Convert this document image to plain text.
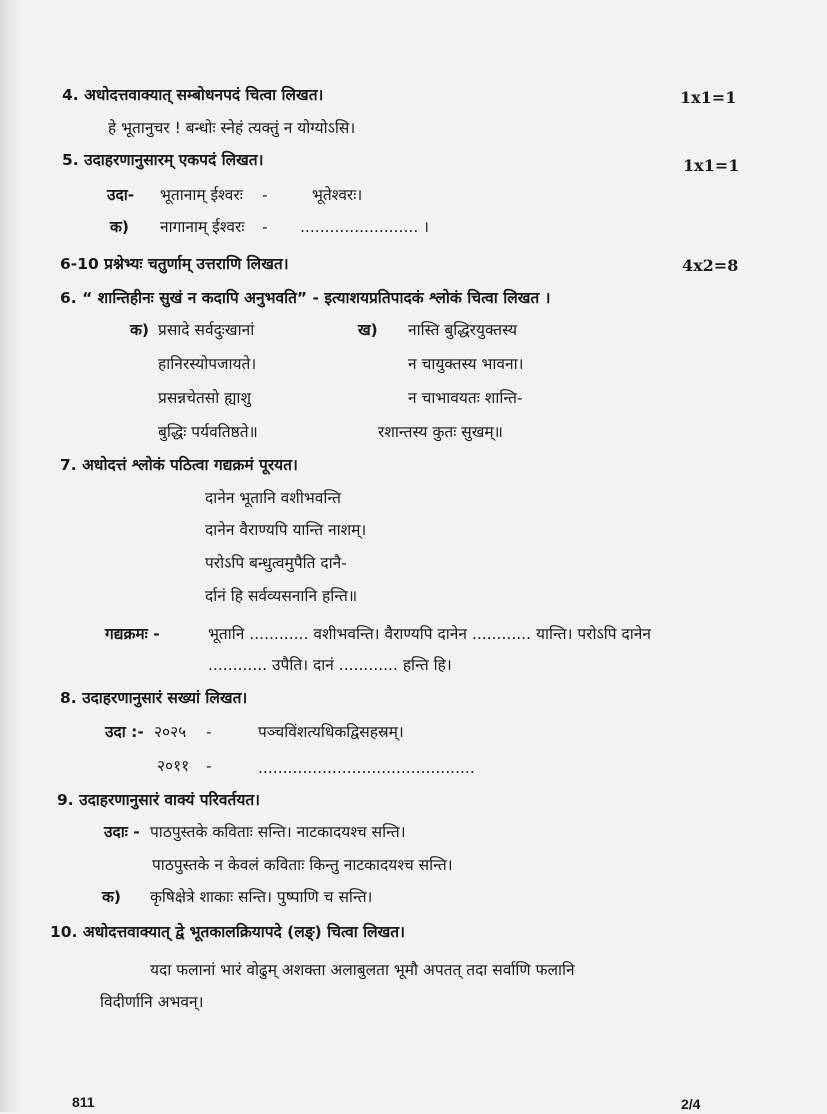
4. अधोदत्तवाक्यात् सम्बोधनपदं चित्वा लिखत।	1x1=1
हे भूतानुचर ! बन्धोः स्नेहं त्यक्तुं न योग्योऽसि।
5. उदाहरणानुसारम् एकपदं लिखत।	1x1=1
उदा- भूतानाम् ईश्वरः -	भूतेश्वरः।
क) नागानाम् ईश्वरः - ........................ ।
6-10 प्रश्नेभ्यः चतुर्णाम् उत्तराणि लिखत।	4x2=8
6. “ शान्तिहीनः सुखं न कदापि अनुभवति” - इत्याशयप्रतिपादकं श्लोकं चित्वा लिखत ।
क) प्रसादे सर्वदुःखानां
हानिरस्योपजायते।
प्रसन्नचेतसो ह्याशु
बुद्धिः पर्यवतिष्ठते॥
ख) नास्ति बुद्धिरयुक्तस्य
न चायुक्तस्य भावना।
न चाभावयतः शान्ति-
रशान्तस्य कुतः सुखम्॥
7. अधोदत्तं श्लोकं पठित्वा गद्यक्रमं पूरयत।
दानेन भूतानि वशीभवन्ति
दानेन वैराण्यपि यान्ति नाशम्।
परोऽपि बन्धुत्वमुपैति दानै-
र्दानं हि सर्वव्यसनानि हन्ति॥
गद्यक्रमः -	भूतानि ............ वशीभवन्ति। वैराण्यपि दानेन ............ यान्ति। परोऽपि दानेन
............ उपैति। दानं ............ हन्ति हि।
8. उदाहरणानुसारं सख्यां लिखत।
उदा :- २०२५ -	पञ्चविंशत्यधिकद्विसहस्रम्।
२०११ -	............................................
9. उदाहरणानुसारं वाक्यं परिवर्तयत।
उदाः - पाठपुस्तके कविताः सन्ति। नाटकादयश्च सन्ति।
पाठपुस्तके न केवलं कविताः किन्तु नाटकादयश्च सन्ति।
क) कृषिक्षेत्रे शाकाः सन्ति। पुष्पाणि च सन्ति।
10. अधोदत्तवाक्यात् द्वे भूतकालक्रियापदे (लङ्) चित्वा लिखत।
यदा फलानां भारं वोढुम् अशक्ता अलाबुलता भूमौ अपतत् तदा सर्वाणि फलानि
विदीर्णानि अभवन्।
811	2/4
